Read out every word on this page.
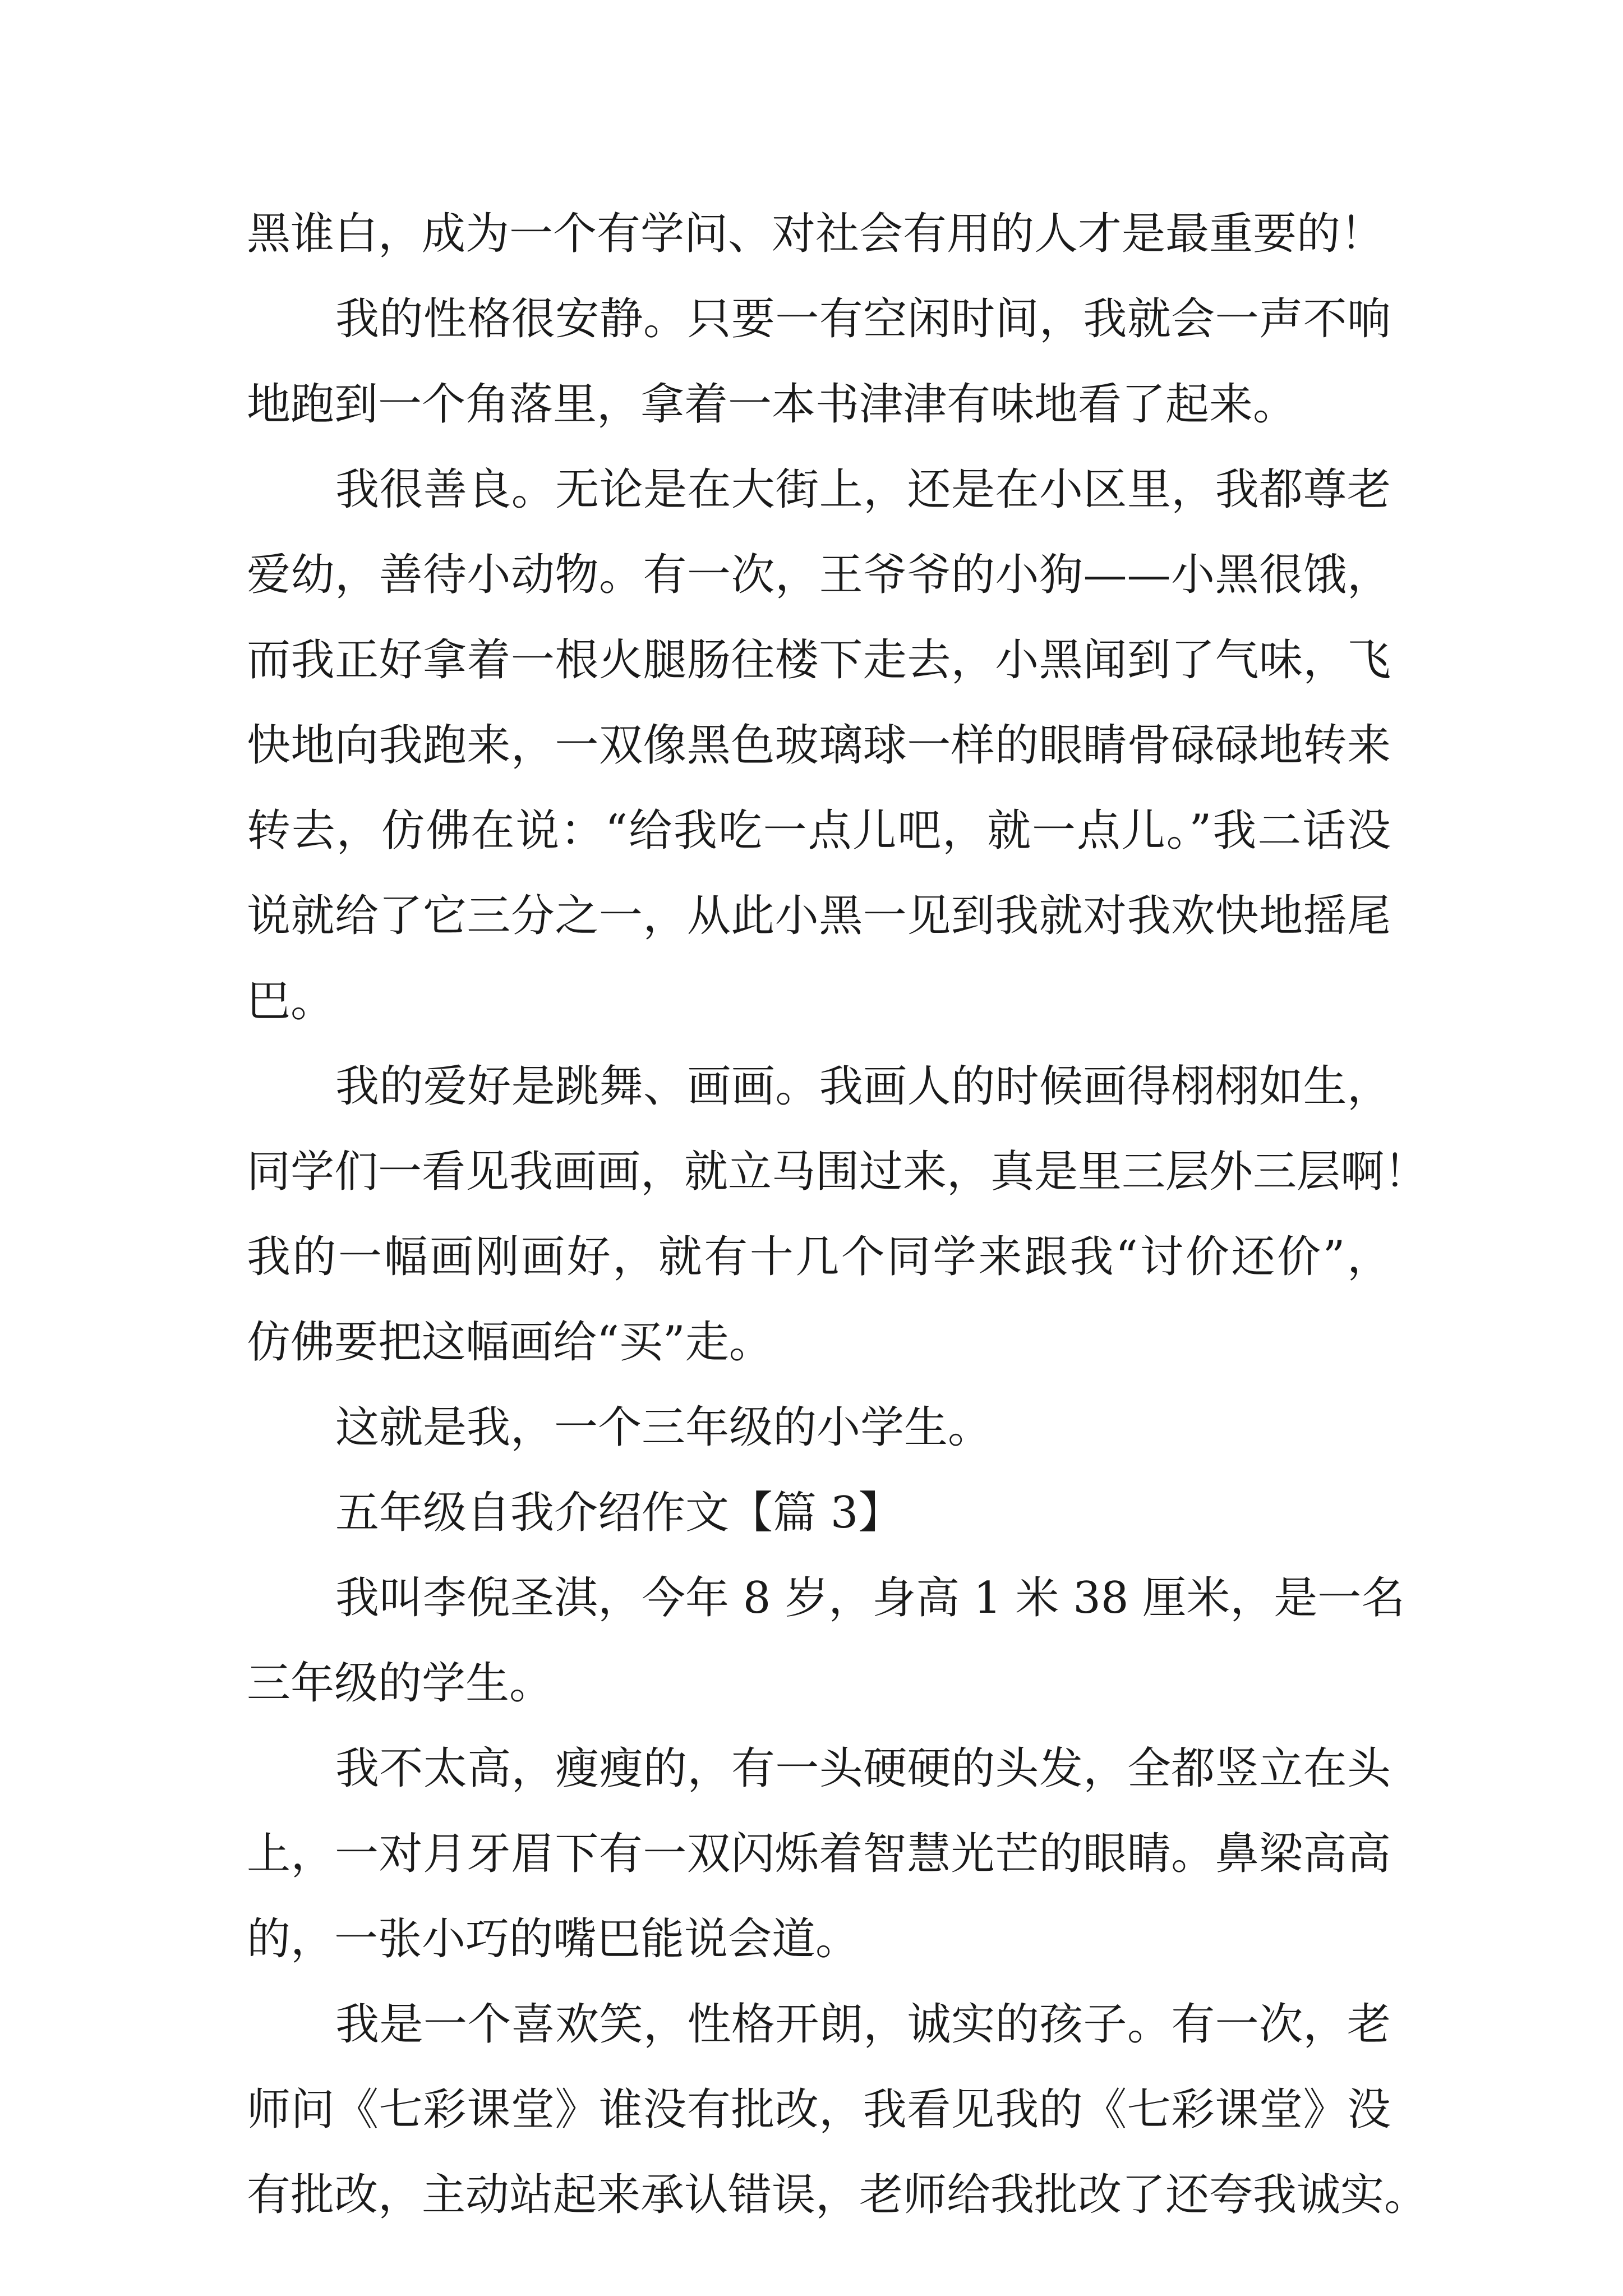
黑谁白，成为一个有学问、对社会有用的人才是最重要的！
我的性格很安静。只要一有空闲时间，我就会一声不响
地跑到一个角落里，拿着一本书津津有味地看了起来。
我很善良。无论是在大街上，还是在小区里，我都尊老
爱幼，善待小动物。有一次，王爷爷的小狗——小黑很饿，
而我正好拿着一根火腿肠往楼下走去，小黑闻到了气味，飞
快地向我跑来，一双像黑色玻璃球一样的眼睛骨碌碌地转来
转去，仿佛在说：“给我吃一点儿吧，就一点儿。”我二话没
说就给了它三分之一，从此小黑一见到我就对我欢快地摇尾
巴。
我的爱好是跳舞、画画。我画人的时候画得栩栩如生，
同学们一看见我画画，就立马围过来，真是里三层外三层啊！
我的一幅画刚画好，就有十几个同学来跟我“讨价还价”，
仿佛要把这幅画给“买”走。
这就是我，一个三年级的小学生。
五年级自我介绍作文【篇 3】
我叫李倪圣淇，今年 8 岁，身高 1 米 38 厘米，是一名
三年级的学生。
我不太高，瘦瘦的，有一头硬硬的头发，全都竖立在头
上，一对月牙眉下有一双闪烁着智慧光芒的眼睛。鼻梁高高
的，一张小巧的嘴巴能说会道。
我是一个喜欢笑，性格开朗，诚实的孩子。有一次，老
师问《七彩课堂》谁没有批改，我看见我的《七彩课堂》没
有批改，主动站起来承认错误，老师给我批改了还夸我诚实。
